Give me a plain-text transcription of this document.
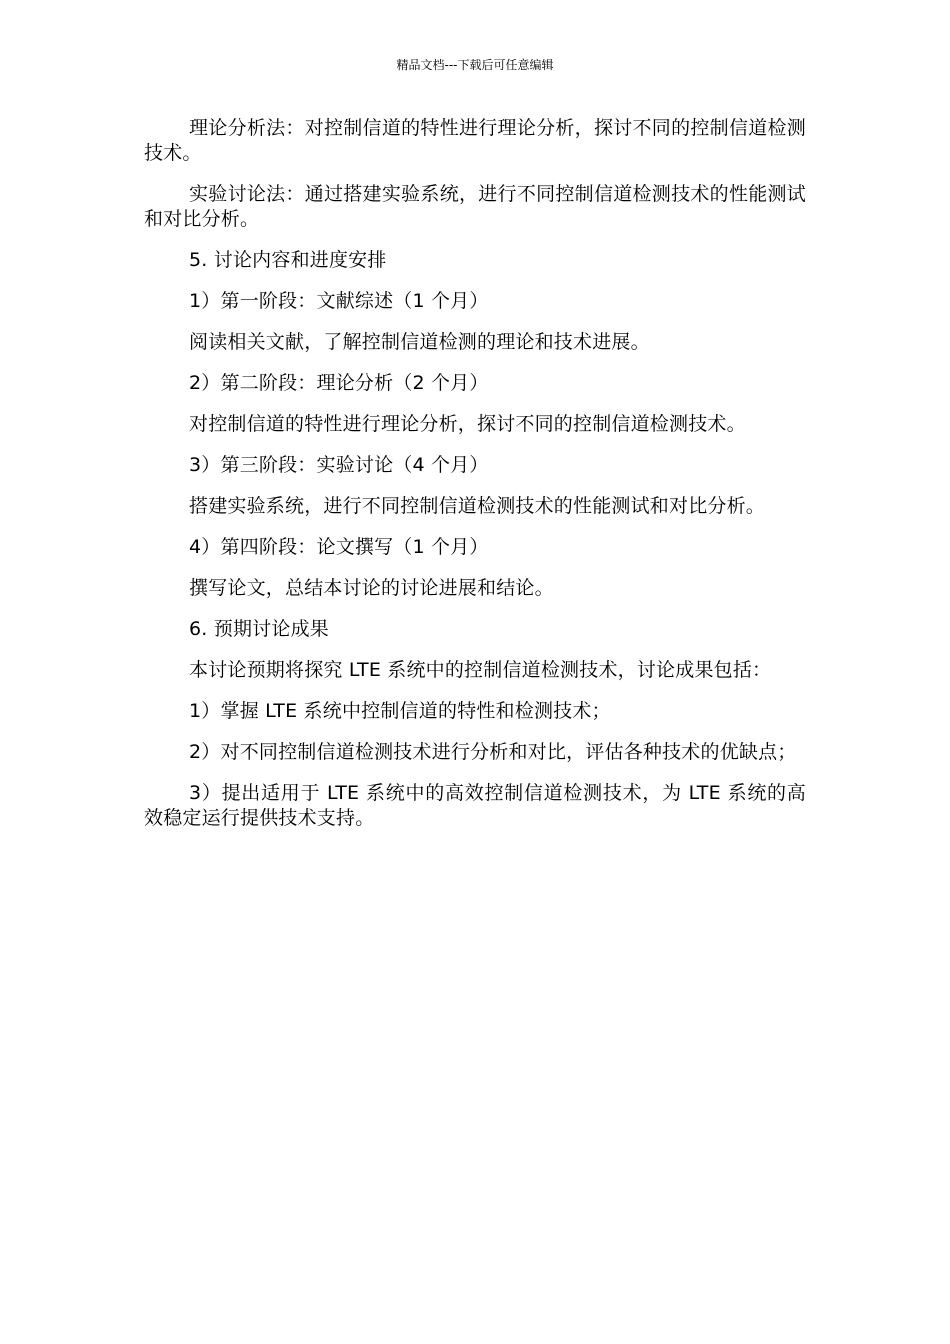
精品文档---下载后可任意编辑

理论分析法：对控制信道的特性进行理论分析，探讨不同的控制信道检测技术。

实验讨论法：通过搭建实验系统，进行不同控制信道检测技术的性能测试和对比分析。

5. 讨论内容和进度安排

1）第一阶段：文献综述（1 个月）

阅读相关文献，了解控制信道检测的理论和技术进展。

2）第二阶段：理论分析（2 个月）

对控制信道的特性进行理论分析，探讨不同的控制信道检测技术。

3）第三阶段：实验讨论（4 个月）

搭建实验系统，进行不同控制信道检测技术的性能测试和对比分析。

4）第四阶段：论文撰写（1 个月）

撰写论文，总结本讨论的讨论进展和结论。

6. 预期讨论成果

本讨论预期将探究 LTE 系统中的控制信道检测技术，讨论成果包括：

1）掌握 LTE 系统中控制信道的特性和检测技术；

2）对不同控制信道检测技术进行分析和对比，评估各种技术的优缺点；

3）提出适用于 LTE 系统中的高效控制信道检测技术，为 LTE 系统的高效稳定运行提供技术支持。
